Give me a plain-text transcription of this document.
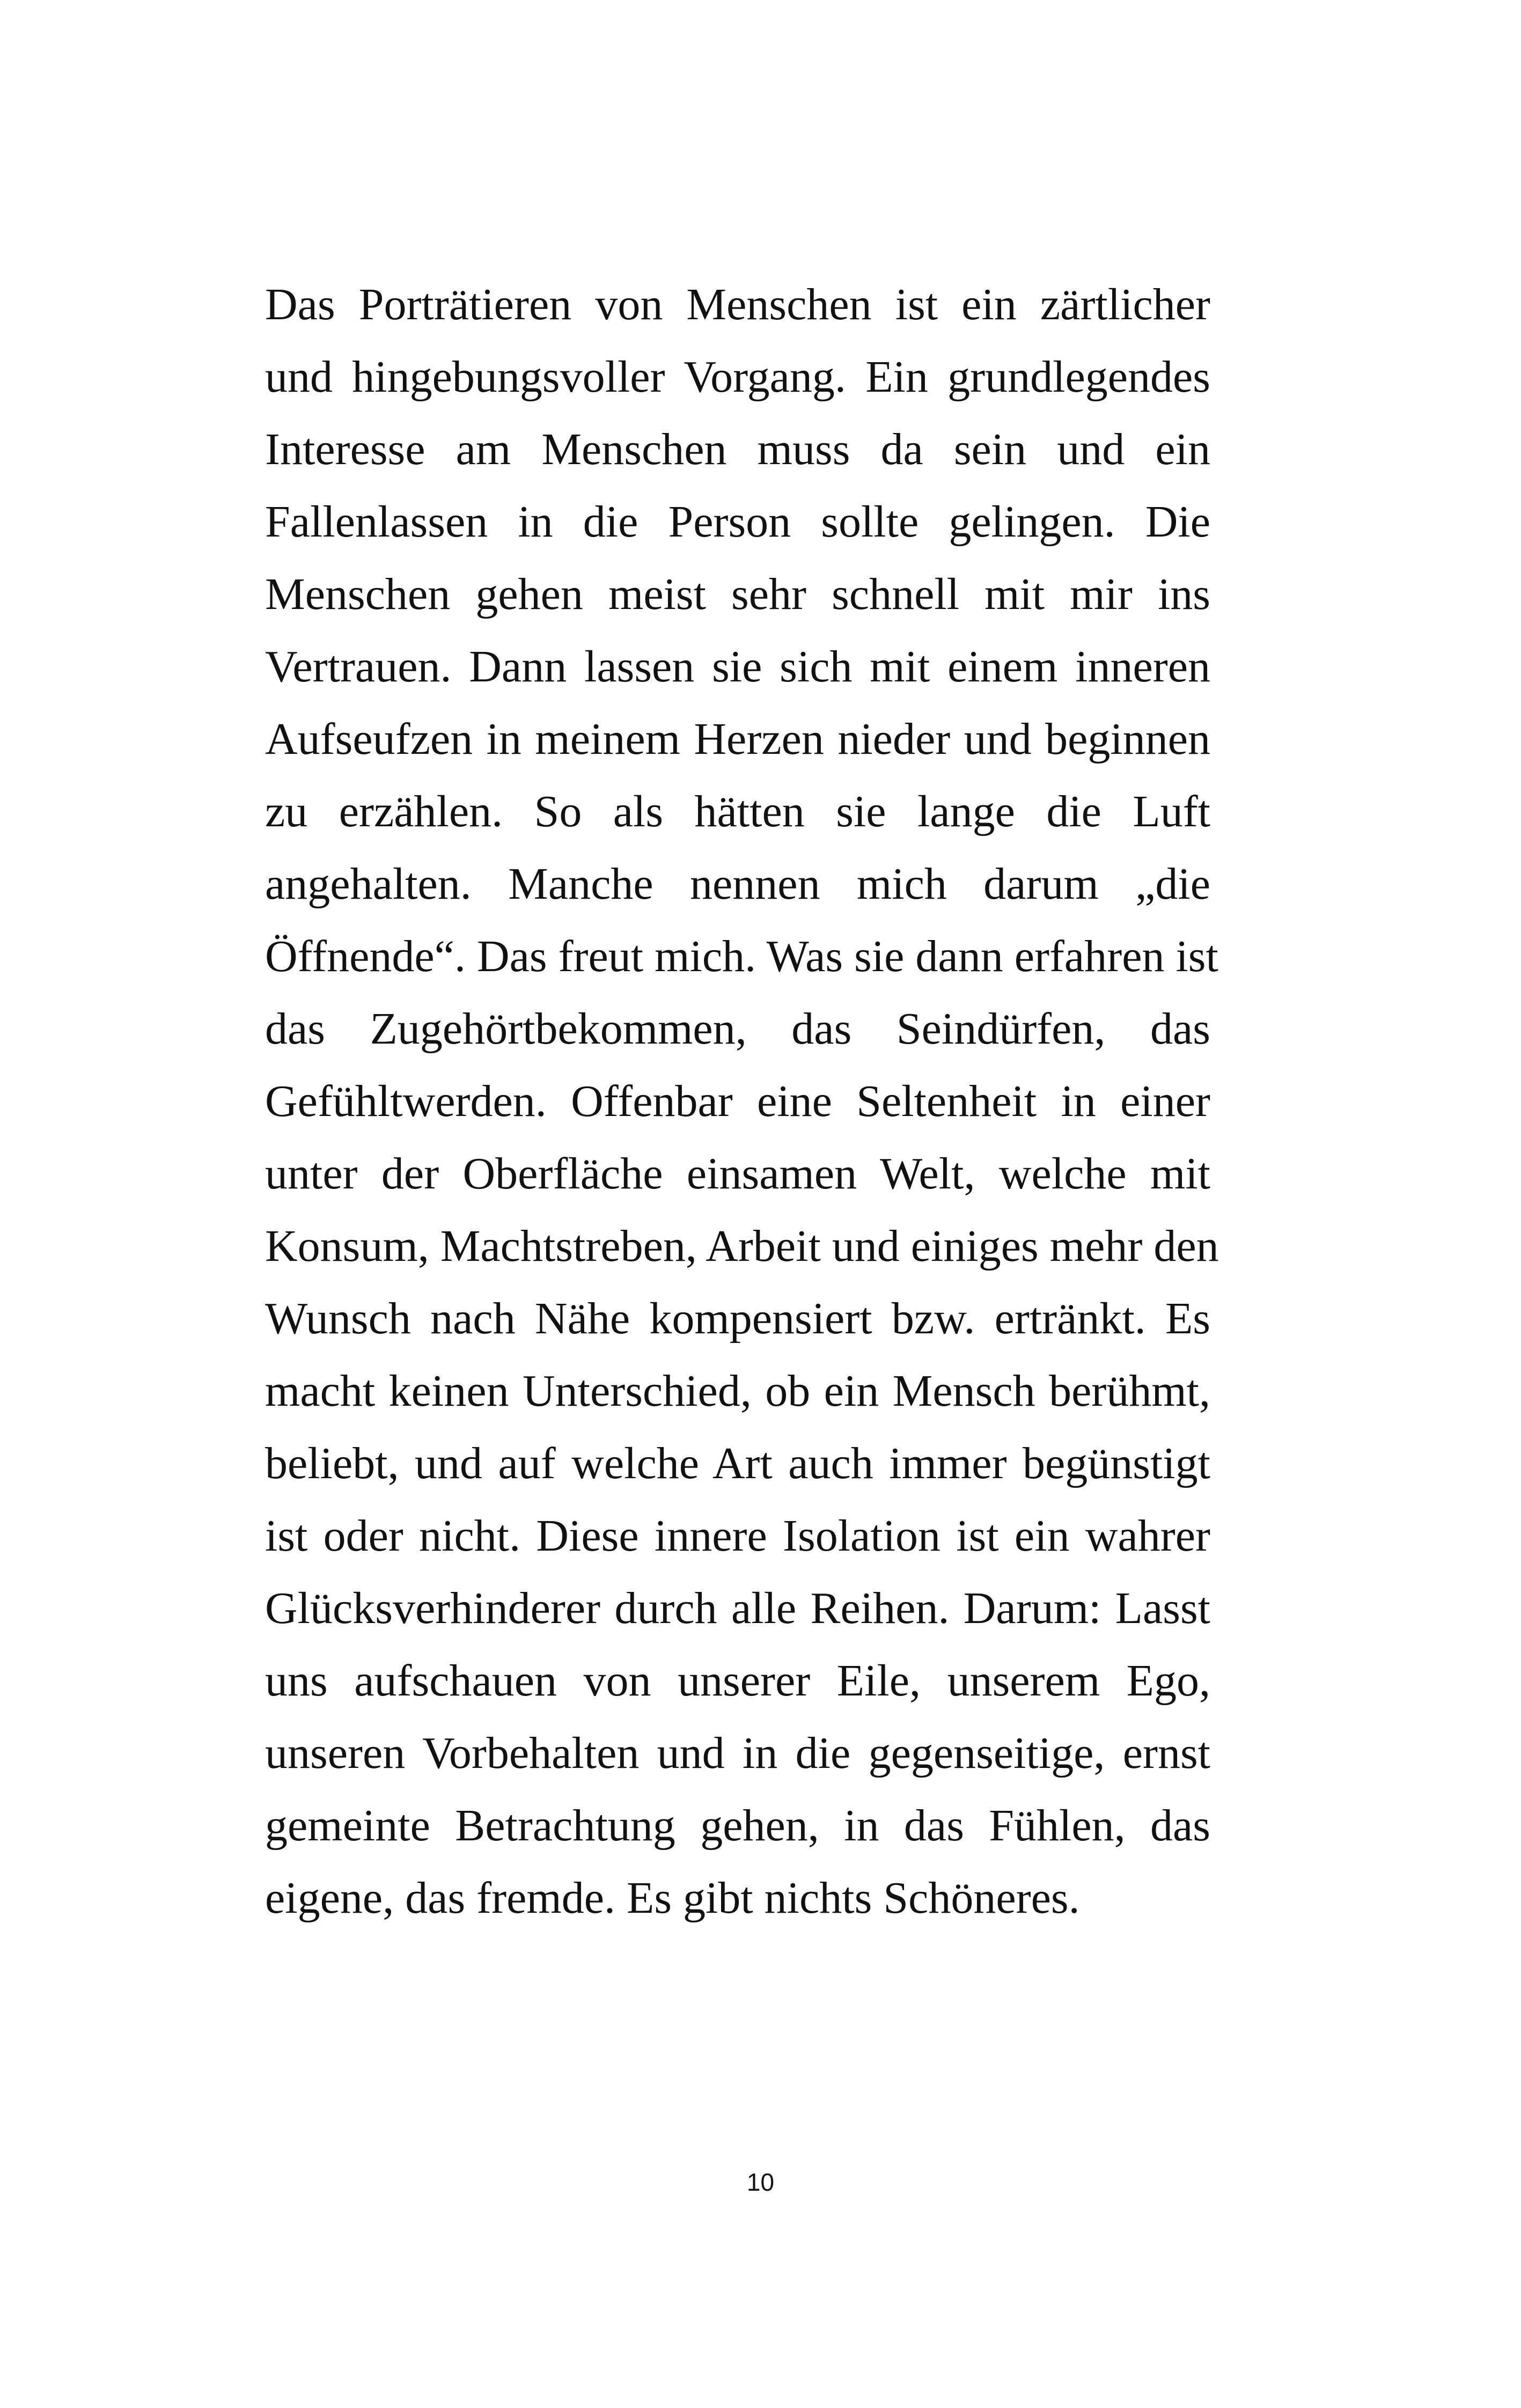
Das Porträtieren von Menschen ist ein zärtlicher
und hingebungsvoller Vorgang. Ein grundlegendes
Interesse am Menschen muss da sein und ein
Fallenlassen in die Person sollte gelingen. Die
Menschen gehen meist sehr schnell mit mir ins
Vertrauen. Dann lassen sie sich mit einem inneren
Aufseufzen in meinem Herzen nieder und beginnen
zu erzählen. So als hätten sie lange die Luft
angehalten. Manche nennen mich darum „die
Öffnende“. Das freut mich. Was sie dann erfahren ist
das Zugehörtbekommen, das Seindürfen, das
Gefühltwerden. Offenbar eine Seltenheit in einer
unter der Oberfläche einsamen Welt, welche mit
Konsum, Machtstreben, Arbeit und einiges mehr den
Wunsch nach Nähe kompensiert bzw. ertränkt. Es
macht keinen Unterschied, ob ein Mensch berühmt,
beliebt, und auf welche Art auch immer begünstigt
ist oder nicht. Diese innere Isolation ist ein wahrer
Glücksverhinderer durch alle Reihen. Darum: Lasst
uns aufschauen von unserer Eile, unserem Ego,
unseren Vorbehalten und in die gegenseitige, ernst
gemeinte Betrachtung gehen, in das Fühlen, das
eigene, das fremde. Es gibt nichts Schöneres.
10
